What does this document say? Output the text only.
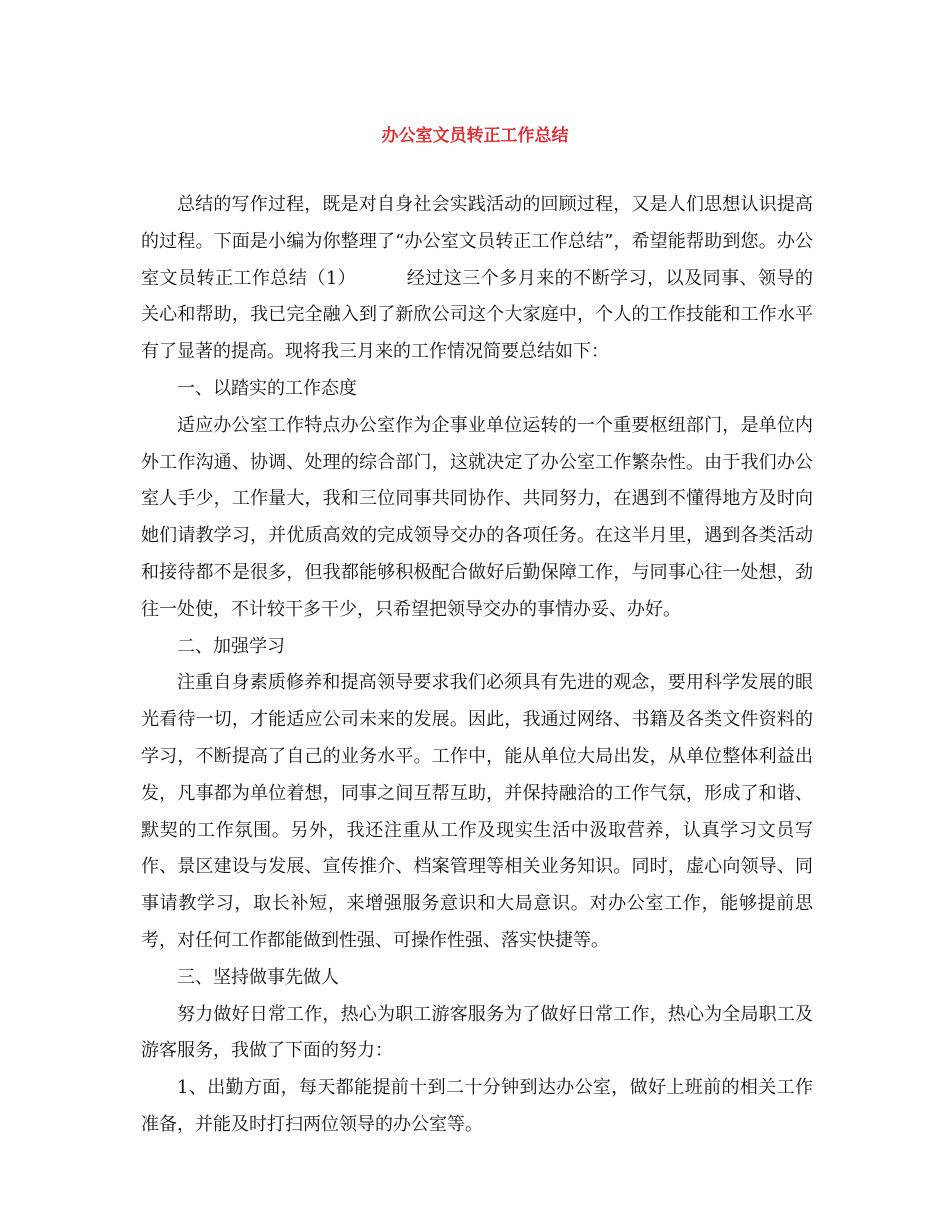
办公室文员转正工作总结

总结的写作过程，既是对自身社会实践活动的回顾过程，又是人们思想认识提高的过程。下面是小编为你整理了“办公室文员转正工作总结”，希望能帮助到您。办公室文员转正工作总结（1）	经过这三个多月来的不断学习，以及同事、领导的关心和帮助，我已完全融入到了新欣公司这个大家庭中，个人的工作技能和工作水平有了显著的提高。现将我三月来的工作情况简要总结如下：

一、以踏实的工作态度

适应办公室工作特点办公室作为企事业单位运转的一个重要枢纽部门，是单位内外工作沟通、协调、处理的综合部门，这就决定了办公室工作繁杂性。由于我们办公室人手少，工作量大，我和三位同事共同协作、共同努力，在遇到不懂得地方及时向她们请教学习，并优质高效的完成领导交办的各项任务。在这半月里，遇到各类活动和接待都不是很多，但我都能够积极配合做好后勤保障工作，与同事心往一处想，劲往一处使，不计较干多干少，只希望把领导交办的事情办妥、办好。

二、加强学习

注重自身素质修养和提高领导要求我们必须具有先进的观念，要用科学发展的眼光看待一切，才能适应公司未来的发展。因此，我通过网络、书籍及各类文件资料的学习，不断提高了自己的业务水平。工作中，能从单位大局出发，从单位整体利益出发，凡事都为单位着想，同事之间互帮互助，并保持融洽的工作气氛，形成了和谐、默契的工作氛围。另外，我还注重从工作及现实生活中汲取营养，认真学习文员写作、景区建设与发展、宣传推介、档案管理等相关业务知识。同时，虚心向领导、同事请教学习，取长补短，来增强服务意识和大局意识。对办公室工作，能够提前思考，对任何工作都能做到性强、可操作性强、落实快捷等。

三、坚持做事先做人

努力做好日常工作，热心为职工游客服务为了做好日常工作，热心为全局职工及游客服务，我做了下面的努力：

1、出勤方面，每天都能提前十到二十分钟到达办公室，做好上班前的相关工作准备，并能及时打扫两位领导的办公室等。
